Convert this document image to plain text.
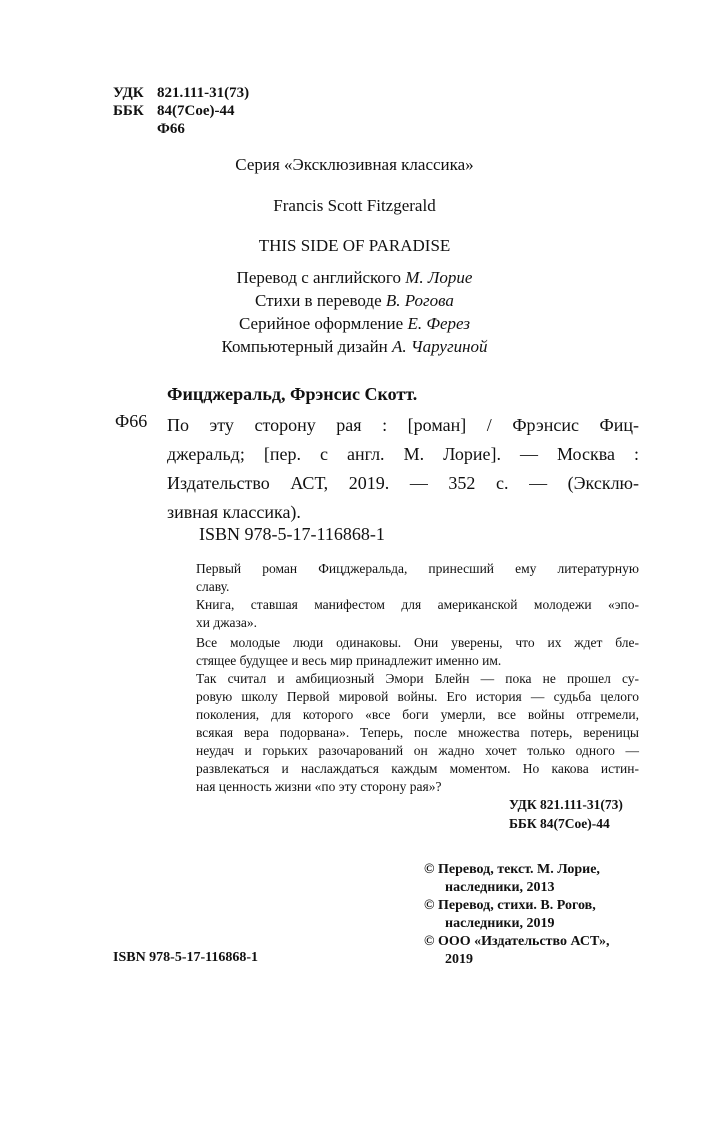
УДК 821.111-31(73)
ББК 84(7Сое)-44
Ф66
Серия «Эксклюзивная классика»
Francis Scott Fitzgerald
THIS SIDE OF PARADISE
Перевод с английского М. Лорие
Стихи в переводе В. Рогова
Серийное оформление Е. Ферез
Компьютерный дизайн А. Чаругиной
Фицджеральд, Фрэнсис Скотт.
Ф66 По эту сторону рая : [роман] / Фрэнсис Фиц-
джеральд; [пер. с англ. М. Лорие]. — Москва :
Издательство АСТ, 2019. — 352 с. — (Эксклю-
зивная классика).
ISBN 978-5-17-116868-1
Первый роман Фицджеральда, принесший ему литературную
славу.
Книга, ставшая манифестом для американской молодежи «эпо-
хи джаза».
Все молодые люди одинаковы. Они уверены, что их ждет бле-
стящее будущее и весь мир принадлежит именно им.
Так считал и амбициозный Эмори Блейн — пока не прошел су-
ровую школу Первой мировой войны. Его история — судьба целого
поколения, для которого «все боги умерли, все войны отгремели,
всякая вера подорвана». Теперь, после множества потерь, вереницы
неудач и горьких разочарований он жадно хочет только одного —
развлекаться и наслаждаться каждым моментом. Но какова истин-
ная ценность жизни «по эту сторону рая»?
УДК 821.111-31(73)
ББК 84(7Сое)-44
© Перевод, текст. М. Лорие,
наследники, 2013
© Перевод, стихи. В. Рогов,
наследники, 2019
© ООО «Издательство АСТ»,
2019
ISBN 978-5-17-116868-1
